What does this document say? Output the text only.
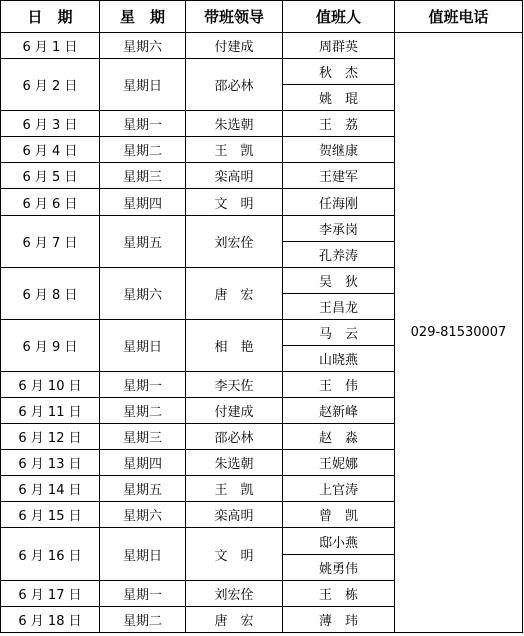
日　期	星　期	带班领导	值班人	值班电话
6 月 1 日	星期六	付建成	周群英	029-81530007
6 月 2 日	星期日	邵必林	秋　杰	
			姚　琨	
6 月 3 日	星期一	朱选朝	王　荔	
6 月 4 日	星期二	王　凯	贺继康	
6 月 5 日	星期三	栾高明	王建军	
6 月 6 日	星期四	文　明	任海刚	
6 月 7 日	星期五	刘宏佺	李承岗	
			孔养涛	
6 月 8 日	星期六	唐　宏	吴　狄	
			王昌龙	
6 月 9 日	星期日	相　艳	马　云	
			山晓燕	
6 月 10 日	星期一	李天佐	王　伟	
6 月 11 日	星期二	付建成	赵新峰	
6 月 12 日	星期三	邵必林	赵　淼	
6 月 13 日	星期四	朱选朝	王妮娜	
6 月 14 日	星期五	王　凯	上官涛	
6 月 15 日	星期六	栾高明	曾　凯	
6 月 16 日	星期日	文　明	邸小燕	
			姚勇伟	
6 月 17 日	星期一	刘宏佺	王　栋	
6 月 18 日	星期二	唐　宏	薄　玮	
